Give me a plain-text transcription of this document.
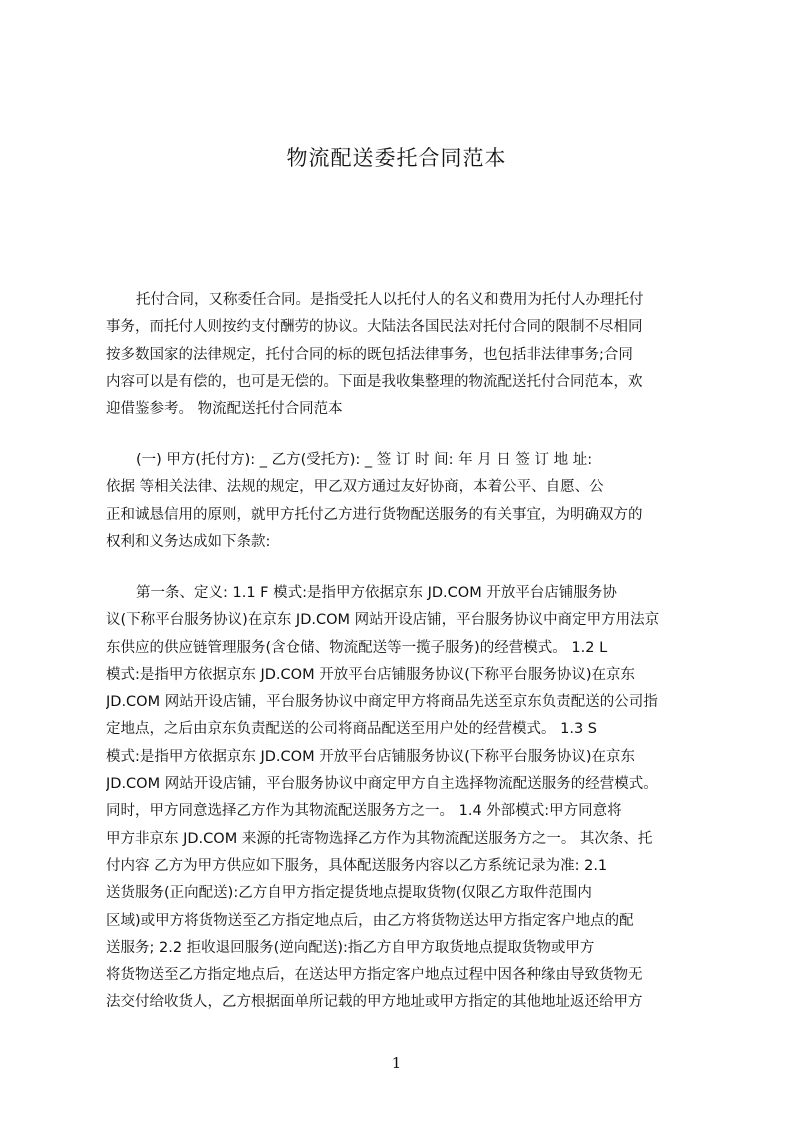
物流配送委托合同范本
托付合同，又称委任合同。是指受托人以托付人的名义和费用为托付人办理托付
事务，而托付人则按约支付酬劳的协议。大陆法各国民法对托付合同的限制不尽相同
按多数国家的法律规定，托付合同的标的既包括法律事务，也包括非法律事务;合同
内容可以是有偿的，也可是无偿的。下面是我收集整理的物流配送托付合同范本，欢
迎借鉴参考。 物流配送托付合同范本
(一) 甲方(托付方): _ 乙方(受托方): _ 签 订 时 间: 年 月 日 签 订 地 址:
依据 等相关法律、法规的规定，甲乙双方通过友好协商，本着公平、自愿、公
正和诚恳信用的原则，就甲方托付乙方进行货物配送服务的有关事宜，为明确双方的
权利和义务达成如下条款:
第一条、定义: 1.1 F 模式:是指甲方依据京东 JD.COM 开放平台店铺服务协
议(下称平台服务协议)在京东 JD.COM 网站开设店铺，平台服务协议中商定甲方用法京
东供应的供应链管理服务(含仓储、物流配送等一揽子服务)的经营模式。 1.2 L
模式:是指甲方依据京东 JD.COM 开放平台店铺服务协议(下称平台服务协议)在京东
JD.COM 网站开设店铺，平台服务协议中商定甲方将商品先送至京东负责配送的公司指
定地点，之后由京东负责配送的公司将商品配送至用户处的经营模式。 1.3 S
模式:是指甲方依据京东 JD.COM 开放平台店铺服务协议(下称平台服务协议)在京东
JD.COM 网站开设店铺，平台服务协议中商定甲方自主选择物流配送服务的经营模式。
同时，甲方同意选择乙方作为其物流配送服务方之一。 1.4 外部模式:甲方同意将
甲方非京东 JD.COM 来源的托寄物选择乙方作为其物流配送服务方之一。 其次条、托
付内容 乙方为甲方供应如下服务，具体配送服务内容以乙方系统记录为准: 2.1
送货服务(正向配送):乙方自甲方指定提货地点提取货物(仅限乙方取件范围内
区域)或甲方将货物送至乙方指定地点后，由乙方将货物送达甲方指定客户地点的配
送服务; 2.2 拒收退回服务(逆向配送):指乙方自甲方取货地点提取货物或甲方
将货物送至乙方指定地点后，在送达甲方指定客户地点过程中因各种缘由导致货物无
法交付给收货人，乙方根据面单所记载的甲方地址或甲方指定的其他地址返还给甲方
1
